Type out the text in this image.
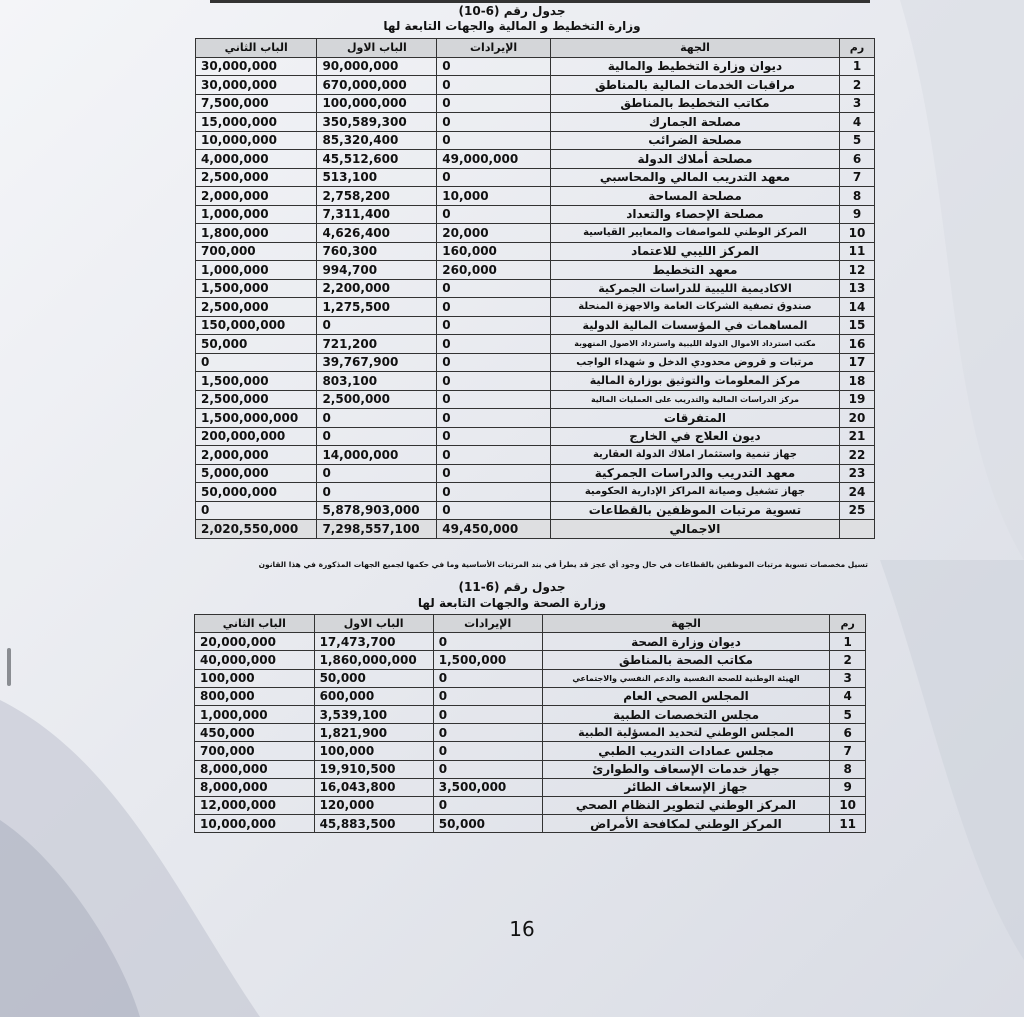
جدول رقم (6-10)
وزارة التخطيط و المالية والجهات التابعة لها
رم	الجهة	الإيرادات	الباب الاول	الباب الثاني
1	ديوان وزارة التخطيط والمالية	0	90,000,000	30,000,000
2	مراقبات الخدمات المالية بالمناطق	0	670,000,000	30,000,000
3	مكاتب التخطيط بالمناطق	0	100,000,000	7,500,000
4	مصلحة الجمارك	0	350,589,300	15,000,000
5	مصلحة الضرائب	0	85,320,400	10,000,000
6	مصلحة أملاك الدولة	49,000,000	45,512,600	4,000,000
7	معهد التدريب المالي والمحاسبي	0	513,100	2,500,000
8	مصلحة المساحة	10,000	2,758,200	2,000,000
9	مصلحة الإحصاء والتعداد	0	7,311,400	1,000,000
10	المركز الوطني للمواصفات والمعايير القياسية	20,000	4,626,400	1,800,000
11	المركز الليبي للاعتماد	160,000	760,300	700,000
12	معهد التخطيط	260,000	994,700	1,000,000
13	الاكاديمية الليبية للدراسات الجمركية	0	2,200,000	1,500,000
14	صندوق تصفية الشركات العامة والاجهزة المنحلة	0	1,275,500	2,500,000
15	المساهمات في المؤسسات المالية الدولية	0	0	150,000,000
16	مكتب استرداد الاموال الدولة الليبية واسترداد الاصول المنهوبة	0	721,200	50,000
17	مرتبات و قروض محدودي الدخل و شهداء الواجب	0	39,767,900	0
18	مركز المعلومات والتوثيق بوزارة المالية	0	803,100	1,500,000
19	مركز الدراسات المالية والتدريب على العمليات المالية	0	2,500,000	2,500,000
20	المتفرقات	0	0	1,500,000,000
21	ديون العلاج في الخارج	0	0	200,000,000
22	جهاز تنمية واستثمار املاك الدولة العقارية	0	14,000,000	2,000,000
23	معهد التدريب والدراسات الجمركية	0	0	5,000,000
24	جهاز تشغيل وصيانة المراكز الإدارية الحكومية	0	0	50,000,000
25	تسوية مرتبات الموظفين بالقطاعات	0	5,878,903,000	0
	الاجمالي	49,450,000	7,298,557,100	2,020,550,000
تسيل مخصصات تسوية مرتبات الموظفين بالقطاعات في حال وجود أي عجز قد يطرأ في بند المرتبات الأساسية وما في حكمها لجميع الجهات المذكورة في هذا القانون
جدول رقم (6-11)
وزارة الصحة والجهات التابعة لها
رم	الجهة	الإيرادات	الباب الاول	الباب الثاني
1	ديوان وزارة الصحة	0	17,473,700	20,000,000
2	مكاتب الصحة بالمناطق	1,500,000	1,860,000,000	40,000,000
3	الهيئة الوطنية للصحة النفسية والدعم النفسي والاجتماعي	0	50,000	100,000
4	المجلس الصحي العام	0	600,000	800,000
5	مجلس التخصصات الطبية	0	3,539,100	1,000,000
6	المجلس الوطني لتحديد المسؤلية الطبية	0	1,821,900	450,000
7	مجلس عمادات التدريب الطبي	0	100,000	700,000
8	جهاز خدمات الإسعاف والطوارئ	0	19,910,500	8,000,000
9	جهاز الإسعاف الطائر	3,500,000	16,043,800	8,000,000
10	المركز الوطني لتطوير النظام الصحي	0	120,000	12,000,000
11	المركز الوطني لمكافحة الأمراض	50,000	45,883,500	10,000,000
16
